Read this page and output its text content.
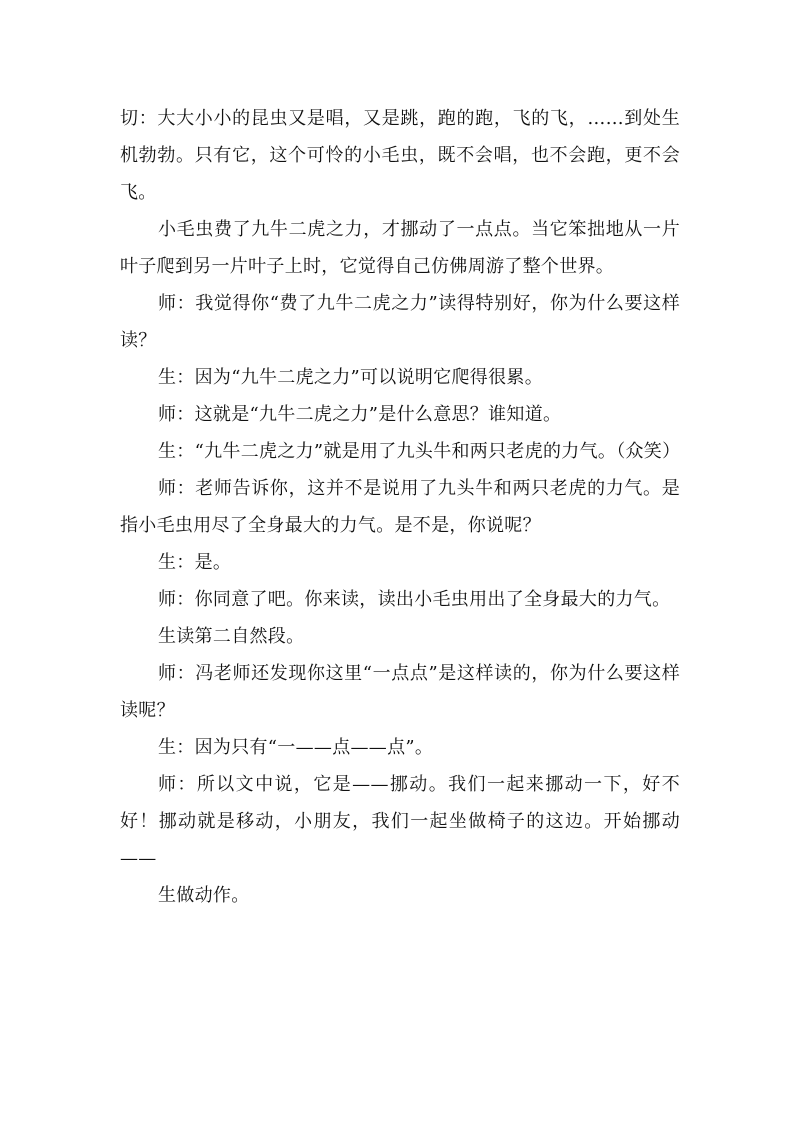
切：大大小小的昆虫又是唱，又是跳，跑的跑，飞的飞，……到处生机勃勃。只有它，这个可怜的小毛虫，既不会唱，也不会跑，更不会飞。

小毛虫费了九牛二虎之力，才挪动了一点点。当它笨拙地从一片叶子爬到另一片叶子上时，它觉得自己仿佛周游了整个世界。

师：我觉得你“费了九牛二虎之力”读得特别好，你为什么要这样读？

生：因为“九牛二虎之力”可以说明它爬得很累。

师：这就是“九牛二虎之力”是什么意思？谁知道。

生：“九牛二虎之力”就是用了九头牛和两只老虎的力气。（众笑）

师：老师告诉你，这并不是说用了九头牛和两只老虎的力气。是指小毛虫用尽了全身最大的力气。是不是，你说呢？

生：是。

师：你同意了吧。你来读，读出小毛虫用出了全身最大的力气。

生读第二自然段。

师：冯老师还发现你这里“一点点”是这样读的，你为什么要这样读呢？

生：因为只有“一——点——点”。

师：所以文中说，它是——挪动。我们一起来挪动一下，好不好！挪动就是移动，小朋友，我们一起坐做椅子的这边。开始挪动——

生做动作。
